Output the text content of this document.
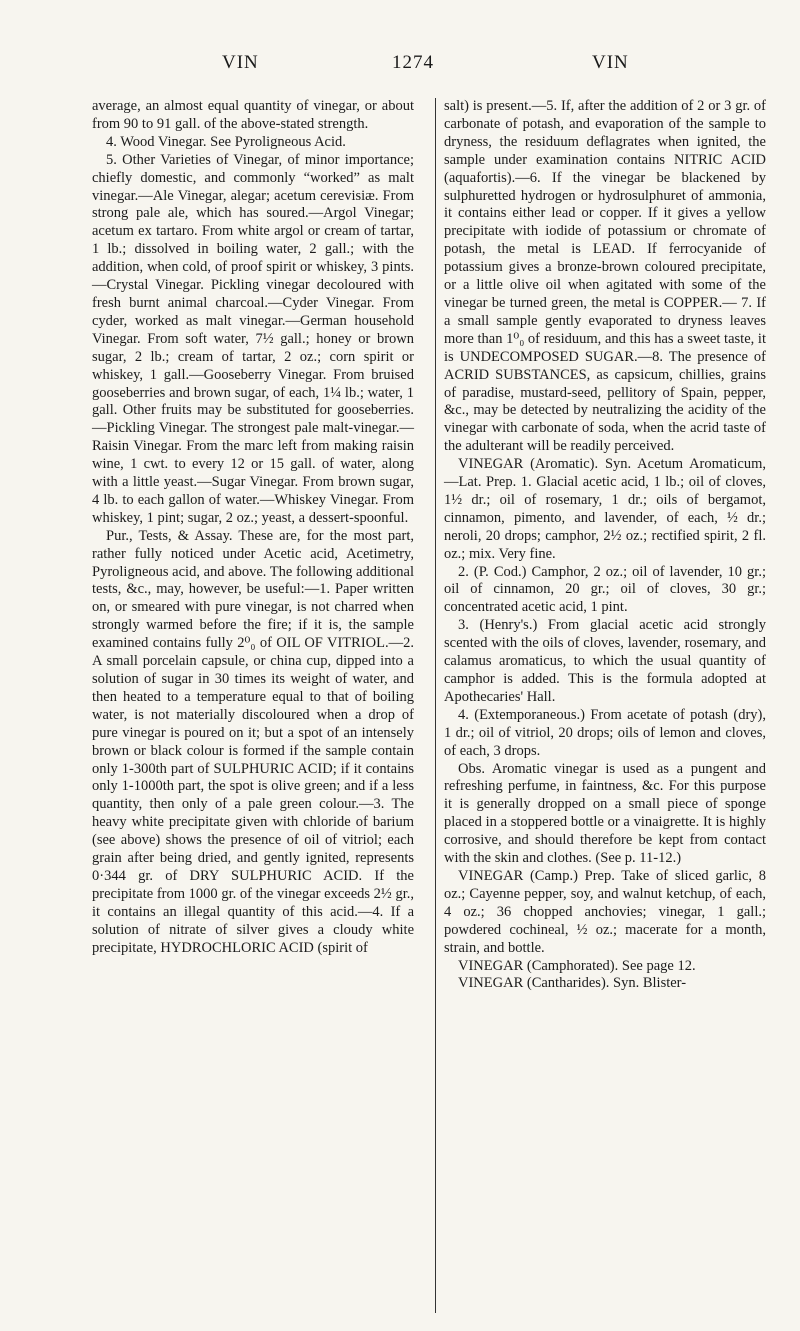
VIN	1274	VIN

average, an almost equal quantity of vinegar, or about from 90 to 91 gall. of the above-stated strength.

4. Wood Vinegar. See Pyroligneous Acid.

5. Other Varieties of Vinegar, of minor importance; chiefly domestic, and commonly “worked” as malt vinegar.—Ale Vinegar, alegar; acetum cerevisiæ. From strong pale ale, which has soured.—Argol Vinegar; acetum ex tartaro. From white argol or cream of tartar, 1 lb.; dissolved in boiling water, 2 gall.; with the addition, when cold, of proof spirit or whiskey, 3 pints.—Crystal Vinegar. Pickling vinegar decoloured with fresh burnt animal charcoal.—Cyder Vinegar. From cyder, worked as malt vinegar.—German household Vinegar. From soft water, 7½ gall.; honey or brown sugar, 2 lb.; cream of tartar, 2 oz.; corn spirit or whiskey, 1 gall.—Gooseberry Vinegar. From bruised gooseberries and brown sugar, of each, 1¼ lb.; water, 1 gall. Other fruits may be substituted for gooseberries.—Pickling Vinegar. The strongest pale malt-vinegar.—Raisin Vinegar. From the marc left from making raisin wine, 1 cwt. to every 12 or 15 gall. of water, along with a little yeast.—Sugar Vinegar. From brown sugar, 4 lb. to each gallon of water.—Whiskey Vinegar. From whiskey, 1 pint; sugar, 2 oz.; yeast, a dessert-spoonful.

Pur., Tests, & Assay. These are, for the most part, rather fully noticed under Acetic acid, Acetimetry, Pyroligneous acid, and above. The following additional tests, &c., may, however, be useful:—1. Paper written on, or smeared with pure vinegar, is not charred when strongly warmed before the fire; if it is, the sample examined contains fully 2⁰₀ of OIL OF VITRIOL.—2. A small porcelain capsule, or china cup, dipped into a solution of sugar in 30 times its weight of water, and then heated to a temperature equal to that of boiling water, is not materially discoloured when a drop of pure vinegar is poured on it; but a spot of an intensely brown or black colour is formed if the sample contain only 1-300th part of SULPHURIC ACID; if it contains only 1-1000th part, the spot is olive green; and if a less quantity, then only of a pale green colour.—3. The heavy white precipitate given with chloride of barium (see above) shows the presence of oil of vitriol; each grain after being dried, and gently ignited, represents 0·344 gr. of DRY SULPHURIC ACID. If the precipitate from 1000 gr. of the vinegar exceeds 2½ gr., it contains an illegal quantity of this acid.—4. If a solution of nitrate of silver gives a cloudy white precipitate, HYDROCHLORIC ACID (spirit of

salt) is present.—5. If, after the addition of 2 or 3 gr. of carbonate of potash, and evaporation of the sample to dryness, the residuum deflagrates when ignited, the sample under examination contains NITRIC ACID (aquafortis).—6. If the vinegar be blackened by sulphuretted hydrogen or hydrosulphuret of ammonia, it contains either lead or copper. If it gives a yellow precipitate with iodide of potassium or chromate of potash, the metal is LEAD. If ferrocyanide of potassium gives a bronze-brown coloured precipitate, or a little olive oil when agitated with some of the vinegar be turned green, the metal is COPPER.— 7. If a small sample gently evaporated to dryness leaves more than 1⁰₀ of residuum, and this has a sweet taste, it is UNDECOMPOSED SUGAR.—8. The presence of ACRID SUBSTANCES, as capsicum, chillies, grains of paradise, mustard-seed, pellitory of Spain, pepper, &c., may be detected by neutralizing the acidity of the vinegar with carbonate of soda, when the acrid taste of the adulterant will be readily perceived.

VINEGAR (Aromatic). Syn. Acetum Aromaticum,—Lat. Prep. 1. Glacial acetic acid, 1 lb.; oil of cloves, 1½ dr.; oil of rosemary, 1 dr.; oils of bergamot, cinnamon, pimento, and lavender, of each, ½ dr.; neroli, 20 drops; camphor, 2½ oz.; rectified spirit, 2 fl. oz.; mix. Very fine.

2. (P. Cod.) Camphor, 2 oz.; oil of lavender, 10 gr.; oil of cinnamon, 20 gr.; oil of cloves, 30 gr.; concentrated acetic acid, 1 pint.

3. (Henry's.) From glacial acetic acid strongly scented with the oils of cloves, lavender, rosemary, and calamus aromaticus, to which the usual quantity of camphor is added. This is the formula adopted at Apothecaries' Hall.

4. (Extemporaneous.) From acetate of potash (dry), 1 dr.; oil of vitriol, 20 drops; oils of lemon and cloves, of each, 3 drops.

Obs. Aromatic vinegar is used as a pungent and refreshing perfume, in faintness, &c. For this purpose it is generally dropped on a small piece of sponge placed in a stoppered bottle or a vinaigrette. It is highly corrosive, and should therefore be kept from contact with the skin and clothes. (See p. 11-12.)

VINEGAR (Camp.) Prep. Take of sliced garlic, 8 oz.; Cayenne pepper, soy, and walnut ketchup, of each, 4 oz.; 36 chopped anchovies; vinegar, 1 gall.; powdered cochineal, ½ oz.; macerate for a month, strain, and bottle.

VINEGAR (Camphorated). See page 12.

VINEGAR (Cantharides). Syn. Blister-
